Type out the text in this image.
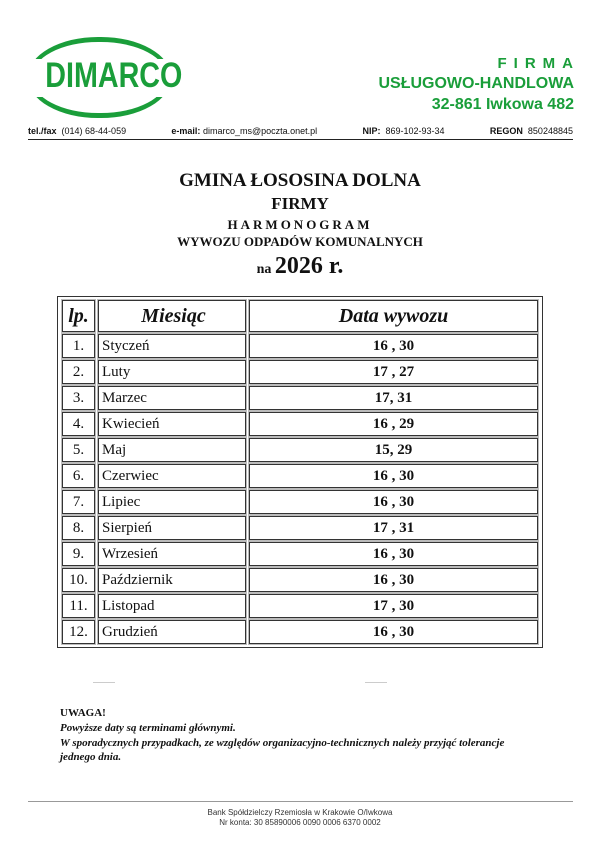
DIMARCO	FIRMA
USŁUGOWO-HANDLOWA
32-861 Iwkowa 482
tel./fax (014) 68-44-059	e-mail: dimarco_ms@poczta.onet.pl	NIP: 869-102-93-34	REGON 850248845
GMINA ŁOSOSINA DOLNA
FIRMY
HARMONOGRAM
WYWOZU ODPADÓW KOMUNALNYCH
na 2026 r.
lp.	Miesiąc	Data wywozu
1.	Styczeń	16 , 30
2.	Luty	17 , 27
3.	Marzec	17, 31
4.	Kwiecień	16 , 29
5.	Maj	15, 29
6.	Czerwiec	16 , 30
7.	Lipiec	16 , 30
8.	Sierpień	17 , 31
9.	Wrzesień	16 , 30
10.	Październik	16 , 30
11.	Listopad	17 , 30
12.	Grudzień	16 , 30
UWAGA!
Powyższe daty są terminami głównymi.
W sporadycznych przypadkach, ze względów organizacyjno-technicznych należy przyjąć tolerancje jednego dnia.
Bank Spółdzielczy Rzemiosła w Krakowie O/Iwkowa
Nr konta: 30 85890006 0090 0006 6370 0002
